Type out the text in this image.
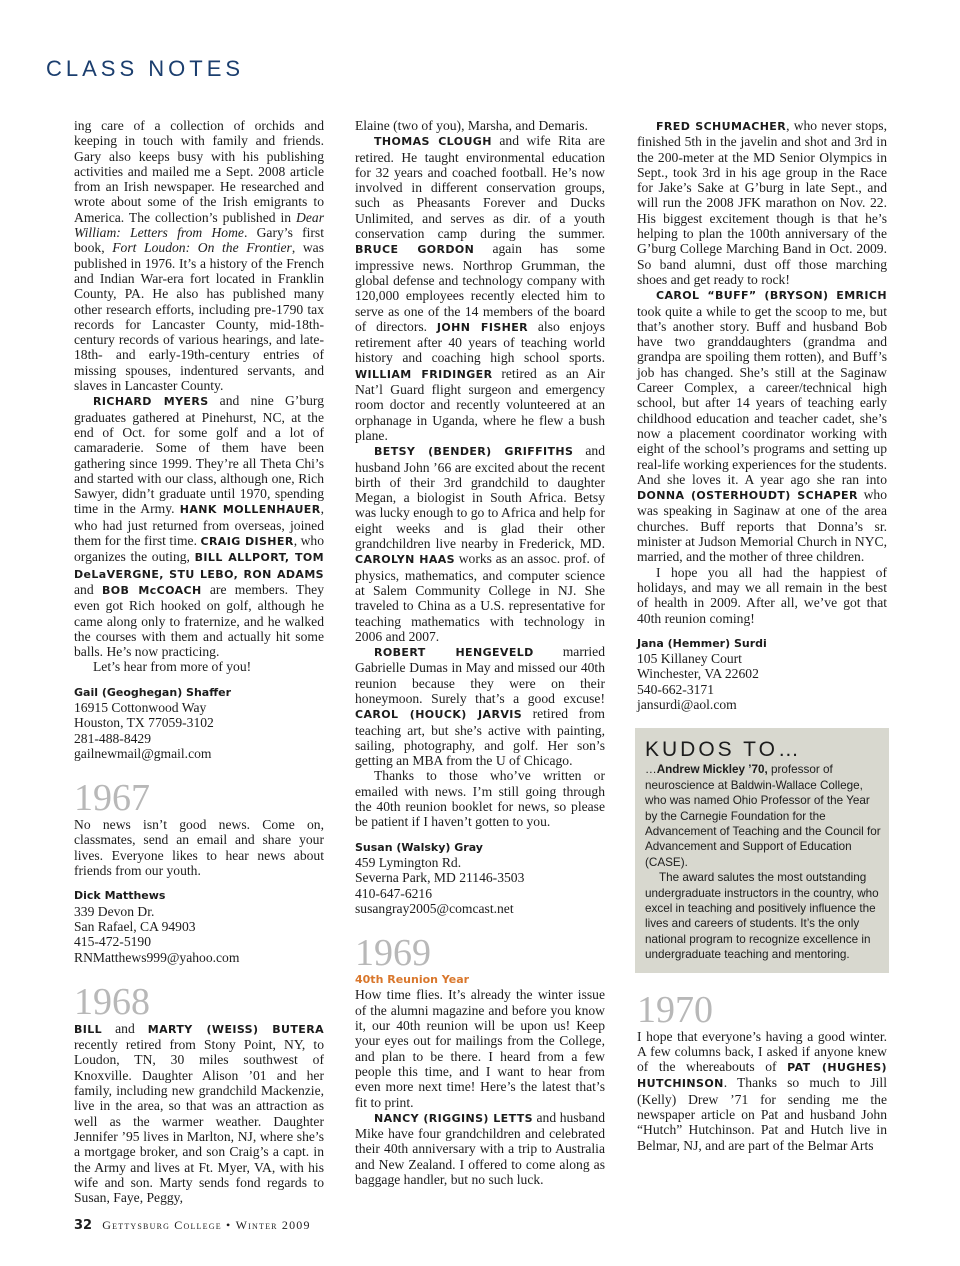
CLASS NOTES

ing care of a collection of orchids and keeping in touch with family and friends. Gary also keeps busy with his publishing activities and mailed me a Sept. 2008 article from an Irish newspaper. He researched and wrote about some of the Irish emigrants to America. The collection’s published in Dear William: Letters from Home. Gary’s first book, Fort Loudon: On the Frontier, was published in 1976. It’s a history of the French and Indian War-era fort located in Franklin County, PA. He also has published many other research efforts, including pre-1790 tax records for Lancaster County, mid-18th-century records of various hearings, and late-18th- and early-19th-century entries of missing spouses, indentured servants, and slaves in Lancaster County.

RICHARD MYERS and nine G’burg graduates gathered at Pinehurst, NC, at the end of Oct. for some golf and a lot of camaraderie. Some of them have been gathering since 1999. They’re all Theta Chi’s and started with our class, although one, Rich Sawyer, didn’t graduate until 1970, spending time in the Army. HANK MOLLENHAUER, who had just returned from overseas, joined them for the first time. CRAIG DISHER, who organizes the outing, BILL ALLPORT, TOM DeLaVERGNE, STU LEBO, RON ADAMS and BOB McCOACH are members. They even got Rich hooked on golf, although he came along only to fraternize, and he walked the courses with them and actually hit some balls. He’s now practicing.

Let’s hear from more of you!

Gail (Geoghegan) Shaffer

16915 Cottonwood Way

Houston, TX 77059-3102

281-488-8429

gailnewmail@gmail.com

1967

No news isn’t good news. Come on, classmates, send an email and share your lives. Everyone likes to hear news about friends from our youth.

Dick Matthews

339 Devon Dr.

San Rafael, CA 94903

415-472-5190

RNMatthews999@yahoo.com

1968

BILL and MARTY (WEISS) BUTERA recently retired from Stony Point, NY, to Loudon, TN, 30 miles southwest of Knoxville. Daughter Alison ’01 and her family, including new grandchild Mackenzie, live in the area, so that was an attraction as well as the warmer weather. Daughter Jennifer ’95 lives in Marlton, NJ, where she’s a mortgage broker, and son Craig’s a capt. in the Army and lives at Ft. Myer, VA, with his wife and son. Marty sends fond regards to Susan, Faye, Peggy,

Elaine (two of you), Marsha, and Demaris.

THOMAS CLOUGH and wife Rita are retired. He taught environmental education for 32 years and coached football. He’s now involved in different conservation groups, such as Pheasants Forever and Ducks Unlimited, and serves as dir. of a youth conservation camp during the summer. BRUCE GORDON again has some impressive news. Northrop Grumman, the global defense and technology company with 120,000 employees recently elected him to serve as one of the 14 members of the board of directors. JOHN FISHER also enjoys retirement after 40 years of teaching world history and coaching high school sports. WILLIAM FRIDINGER retired as an Air Nat’l Guard flight surgeon and emergency room doctor and recently volunteered at an orphanage in Uganda, where he flew a bush plane.

BETSY (BENDER) GRIFFITHS and husband John ’66 are excited about the recent birth of their 3rd grandchild to daughter Megan, a biologist in South Africa. Betsy was lucky enough to go to Africa and help for eight weeks and is glad their other grandchildren live nearby in Frederick, MD. CAROLYN HAAS works as an assoc. prof. of physics, mathematics, and computer science at Salem Community College in NJ. She traveled to China as a U.S. representative for teaching mathematics with technology in 2006 and 2007.

ROBERT HENGEVELD married Gabrielle Dumas in May and missed our 40th reunion because they were on their honeymoon. Surely that’s a good excuse! CAROL (HOUCK) JARVIS retired from teaching art, but she’s active with painting, sailing, photography, and golf. Her son’s getting an MBA from the U of Chicago.

Thanks to those who’ve written or emailed with news. I’m still going through the 40th reunion booklet for news, so please be patient if I haven’t gotten to you.

Susan (Walsky) Gray

459 Lymington Rd.

Severna Park, MD 21146-3503

410-647-6216

susangray2005@comcast.net

1969

40th Reunion Year

How time flies. It’s already the winter issue of the alumni magazine and before you know it, our 40th reunion will be upon us! Keep your eyes out for mailings from the College, and plan to be there. I heard from a few people this time, and I want to hear from even more next time! Here’s the latest that’s fit to print.

NANCY (RIGGINS) LETTS and husband Mike have four grandchildren and celebrated their 40th anniversary with a trip to Australia and New Zealand. I offered to come along as baggage handler, but no such luck.

FRED SCHUMACHER, who never stops, finished 5th in the javelin and shot and 3rd in the 200-meter at the MD Senior Olympics in Sept., took 3rd in his age group in the Race for Jake’s Sake at G’burg in late Sept., and will run the 2008 JFK marathon on Nov. 22. His biggest excitement though is that he’s helping to plan the 100th anniversary of the G’burg College Marching Band in Oct. 2009. So band alumni, dust off those marching shoes and get ready to rock!

CAROL “BUFF” (BRYSON) EMRICH took quite a while to get the scoop to me, but that’s another story. Buff and husband Bob have two granddaughters (grandma and grandpa are spoiling them rotten), and Buff’s job has changed. She’s still at the Saginaw Career Complex, a career/technical high school, but after 14 years of teaching early childhood education and teacher cadet, she’s now a placement coordinator working with eight of the school’s programs and setting up real-life working experiences for the students. And she loves it. A year ago she ran into DONNA (OSTERHOUDT) SCHAPER who was speaking in Saginaw at one of the area churches. Buff reports that Donna’s sr. minister at Judson Memorial Church in NYC, married, and the mother of three children.

I hope you all had the happiest of holidays, and may we all remain in the best of health in 2009. After all, we’ve got that 40th reunion coming!

Jana (Hemmer) Surdi

105 Killaney Court

Winchester, VA 22602

540-662-3171

jansurdi@aol.com

KUDOS TO…

…Andrew Mickley ’70, professor of neuroscience at Baldwin-Wallace College, who was named Ohio Professor of the Year by the Carnegie Foundation for the Advancement of Teaching and the Council for Advancement and Support of Education (CASE).

The award salutes the most outstanding undergraduate instructors in the country, who excel in teaching and positively influence the lives and careers of students. It’s the only national program to recognize excellence in undergraduate teaching and mentoring.

1970

I hope that everyone’s having a good winter. A few columns back, I asked if anyone knew of the whereabouts of PAT (HUGHES) HUTCHINSON. Thanks so much to Jill (Kelly) Drew ’71 for sending me the newspaper article on Pat and husband John “Hutch” Hutchinson. Pat and Hutch live in Belmar, NJ, and are part of the Belmar Arts

32 Gettysburg College • Winter 2009
